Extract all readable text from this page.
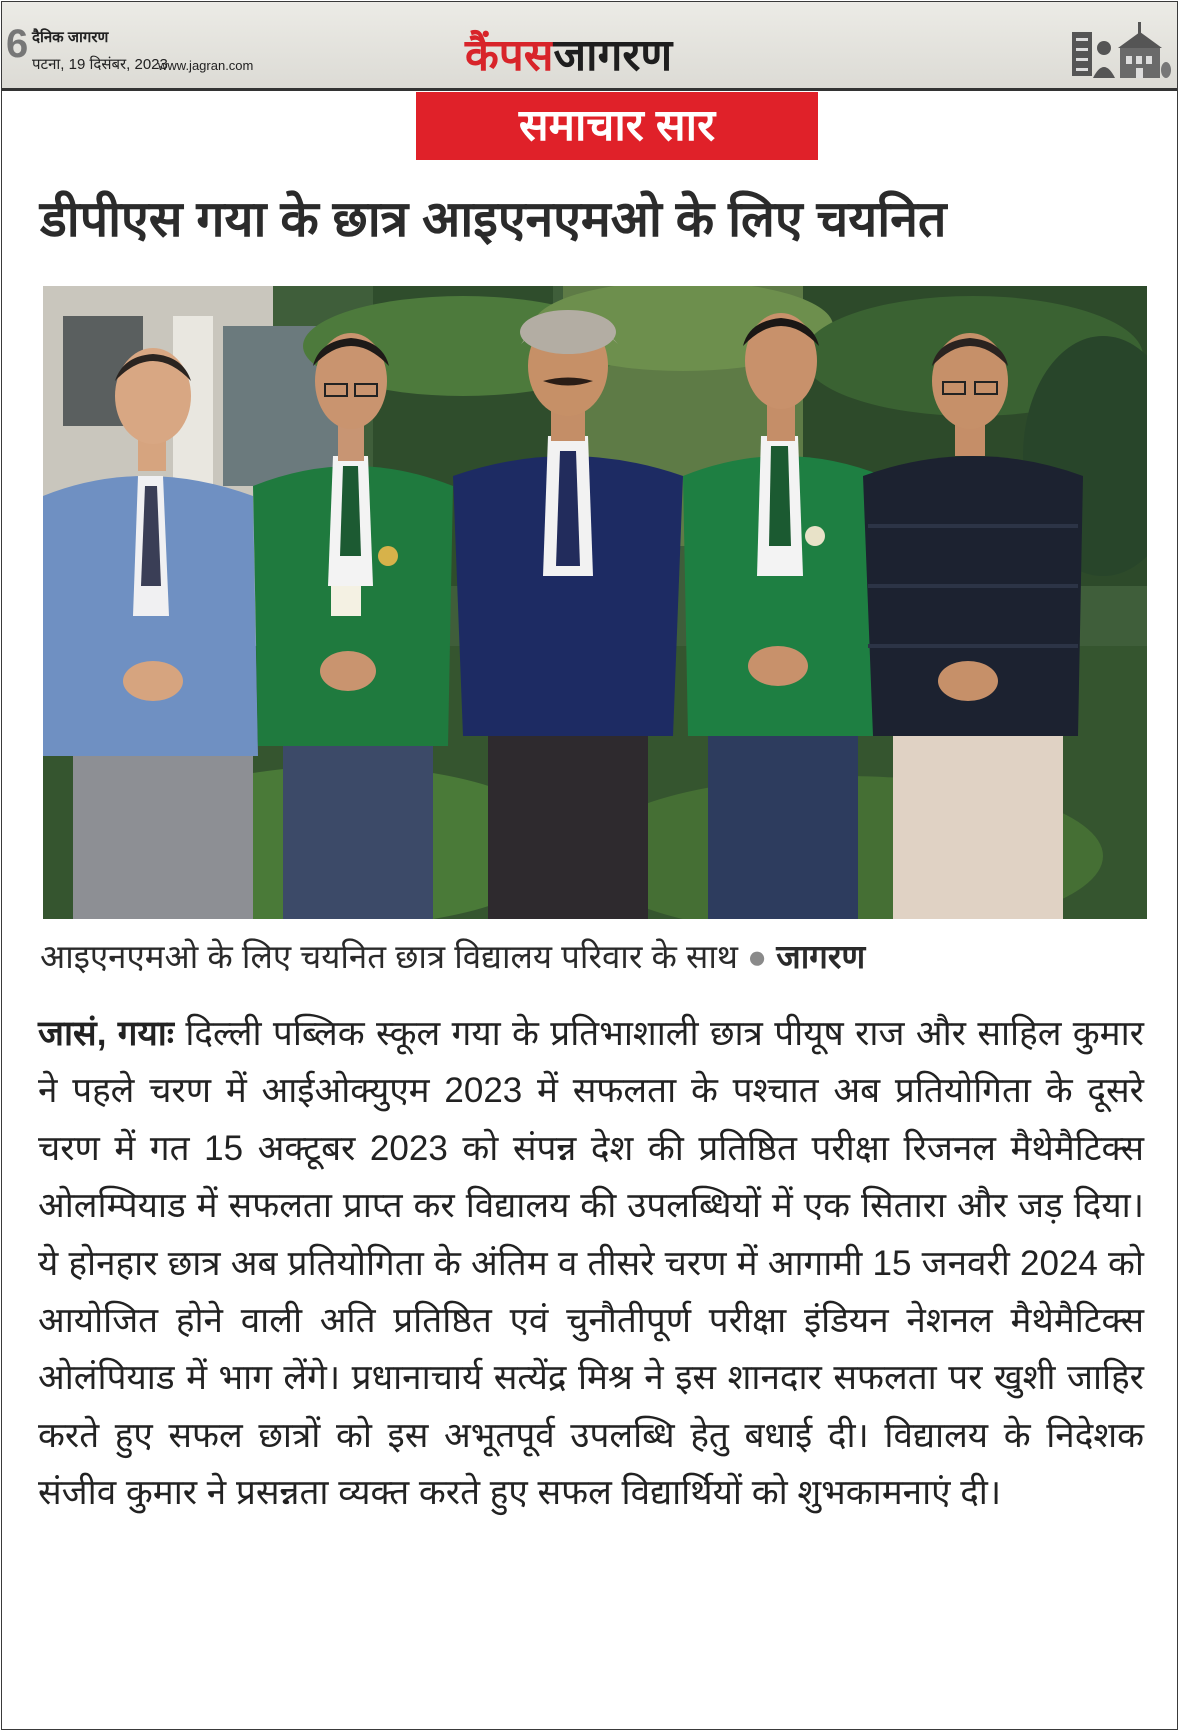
6 दैनिक जागरण
पटना, 19 दिसंबर, 2023
www.jagran.com	कैंपसजागरण
समाचार सार
डीपीएस गया के छात्र आइएनएमओ के लिए चयनित
आइएनएमओ के लिए चयनित छात्र विद्यालय परिवार के साथ ● जागरण
जासं, गयाः दिल्ली पब्लिक स्कूल गया के प्रतिभाशाली छात्र पीयूष राज और साहिल कुमार ने पहले चरण में आईओक्युएम 2023 में सफलता के पश्चात अब प्रतियोगिता के दूसरे चरण में गत 15 अक्टूबर 2023 को संपन्न देश की प्रतिष्ठित परीक्षा रिजनल मैथेमैटिक्स ओलम्पियाड में सफलता प्राप्त कर विद्यालय की उपलब्धियों में एक सितारा और जड़ दिया। ये होनहार छात्र अब प्रतियोगिता के अंतिम व तीसरे चरण में आगामी 15 जनवरी 2024 को आयोजित होने वाली अति प्रतिष्ठित एवं चुनौतीपूर्ण परीक्षा इंडियन नेशनल मैथेमैटिक्स ओलंपियाड में भाग लेंगे। प्रधानाचार्य सत्येंद्र मिश्र ने इस शानदार सफलता पर खुशी जाहिर करते हुए सफल छात्रों को इस अभूतपूर्व उपलब्धि हेतु बधाई दी। विद्यालय के निदेशक संजीव कुमार ने प्रसन्नता व्यक्त करते हुए सफल विद्यार्थियों को शुभकामनाएं दी।
